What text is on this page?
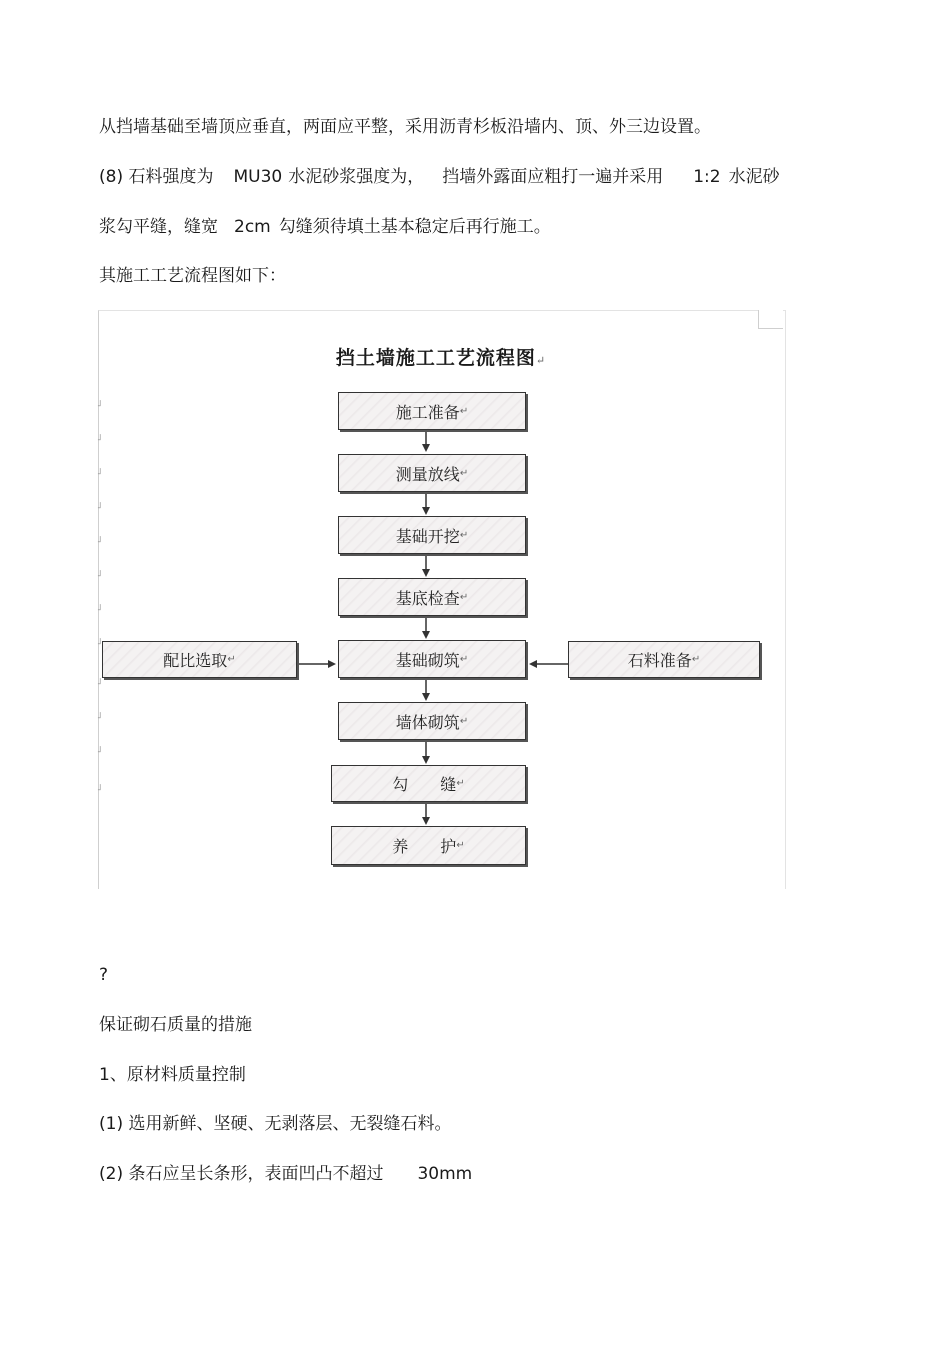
从挡墙基础至墙顶应垂直，两面应平整，采用沥青杉板沿墙内、顶、外三边设置。
(8) 石料强度为 MU30 水泥砂浆强度为， 挡墙外露面应粗打一遍并采用 1:2 水泥砂
浆勾平缝，缝宽 2cm 勾缝须待填土基本稳定后再行施工。
其施工工艺流程图如下：
挡土墙施工工艺流程图↵
˩
˩
˩
˩
˩
˩
˩
˩
˩
˩
˩
˩
施工准备 ↵
测量放线 ↵
基础开挖 ↵
基底检查 ↵
基础砌筑 ↵
墙体砌筑 ↵
勾　　缝 ↵
养　　护 ↵
配比选取 ↵	石料准备 ↵
?
保证砌石质量的措施
1、原材料质量控制
(1) 选用新鲜、坚硬、无剥落层、无裂缝石料。
(2) 条石应呈长条形，表面凹凸不超过 30mm
